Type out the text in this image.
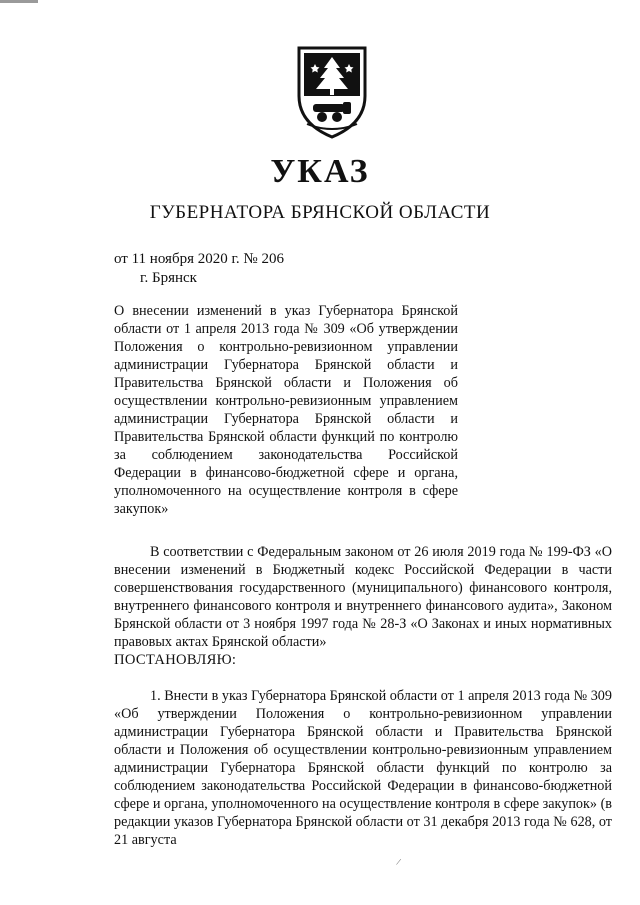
УКАЗ
ГУБЕРНАТОРА БРЯНСКОЙ ОБЛАСТИ
от 11 ноября 2020 г. № 206
г. Брянск
О внесении изменений в указ Губернатора Брянской области от 1 апреля 2013 года № 309 «Об утверждении Положения о контрольно-ревизионном управлении администрации Губернатора Брянской области и Правительства Брянской области и Положения об осуществлении контрольно-ревизионным управлением администрации Губернатора Брянской области и Правительства Брянской области функций по контролю за соблюдением законодательства Российской Федерации в финансово-бюджетной сфере и органа, уполномоченного на осуществление контроля в сфере закупок»

В соответствии с Федеральным законом от 26 июля 2019 года № 199-ФЗ «О внесении изменений в Бюджетный кодекс Российской Федерации в части совершенствования государственного (муниципального) финансового контроля, внутреннего финансового контроля и внутреннего финансового аудита», Законом Брянской области от 3 ноября 1997 года № 28-З «О Законах и иных нормативных правовых актах Брянской области»

ПОСТАНОВЛЯЮ:

1. Внести в указ Губернатора Брянской области от 1 апреля 2013 года № 309 «Об утверждении Положения о контрольно-ревизионном управлении администрации Губернатора Брянской области и Правительства Брянской области и Положения об осуществлении контрольно-ревизионным управлением администрации Губернатора Брянской области функций по контролю за соблюдением законодательства Российской Федерации в финансово-бюджетной сфере и органа, уполномоченного на осуществление контроля в сфере закупок» (в редакции указов Губернатора Брянской области от 31 декабря 2013 года № 628, от 21 августа

/
